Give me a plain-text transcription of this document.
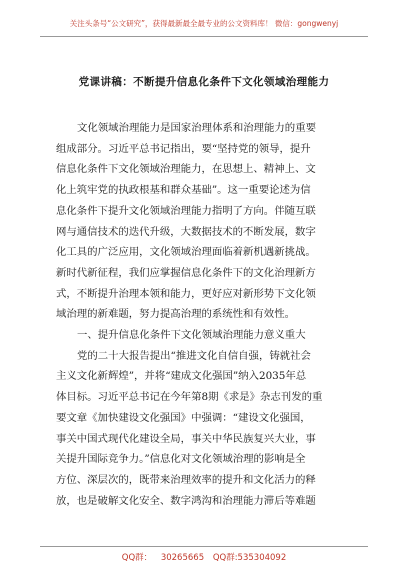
关注头条号“公文研究”，获得最新最全最专业的公文资料库！ 微信：gongwenyj
党课讲稿：不断提升信息化条件下文化领域治理能力
文化领域治理能力是国家治理体系和治理能力的重要
组成部分。习近平总书记指出，要“坚持党的领导，提升
信息化条件下文化领域治理能力，在思想上、精神上、文
化上筑牢党的执政根基和群众基础”。这一重要论述为信
息化条件下提升文化领域治理能力指明了方向。伴随互联
网与通信技术的迭代升级，大数据技术的不断发展，数字
化工具的广泛应用，文化领域治理面临着新机遇新挑战。
新时代新征程，我们应掌握信息化条件下的文化治理新方
式，不断提升治理本领和能力，更好应对新形势下文化领
域治理的新难题，努力提高治理的系统性和有效性。
一、提升信息化条件下文化领域治理能力意义重大
党的二十大报告提出“推进文化自信自强，铸就社会
主义文化新辉煌”，并将“建成文化强国”纳入2035年总
体目标。习近平总书记在今年第8期《求是》杂志刊发的重
要文章《加快建设文化强国》中强调：“建设文化强国，
事关中国式现代化建设全局，事关中华民族复兴大业，事
关提升国际竞争力。”信息化对文化领域治理的影响是全
方位、深层次的，既带来治理效率的提升和文化活力的释
放，也是破解文化安全、数字鸿沟和治理能力滞后等难题
QQ群： 30265665 QQ群:535304092
